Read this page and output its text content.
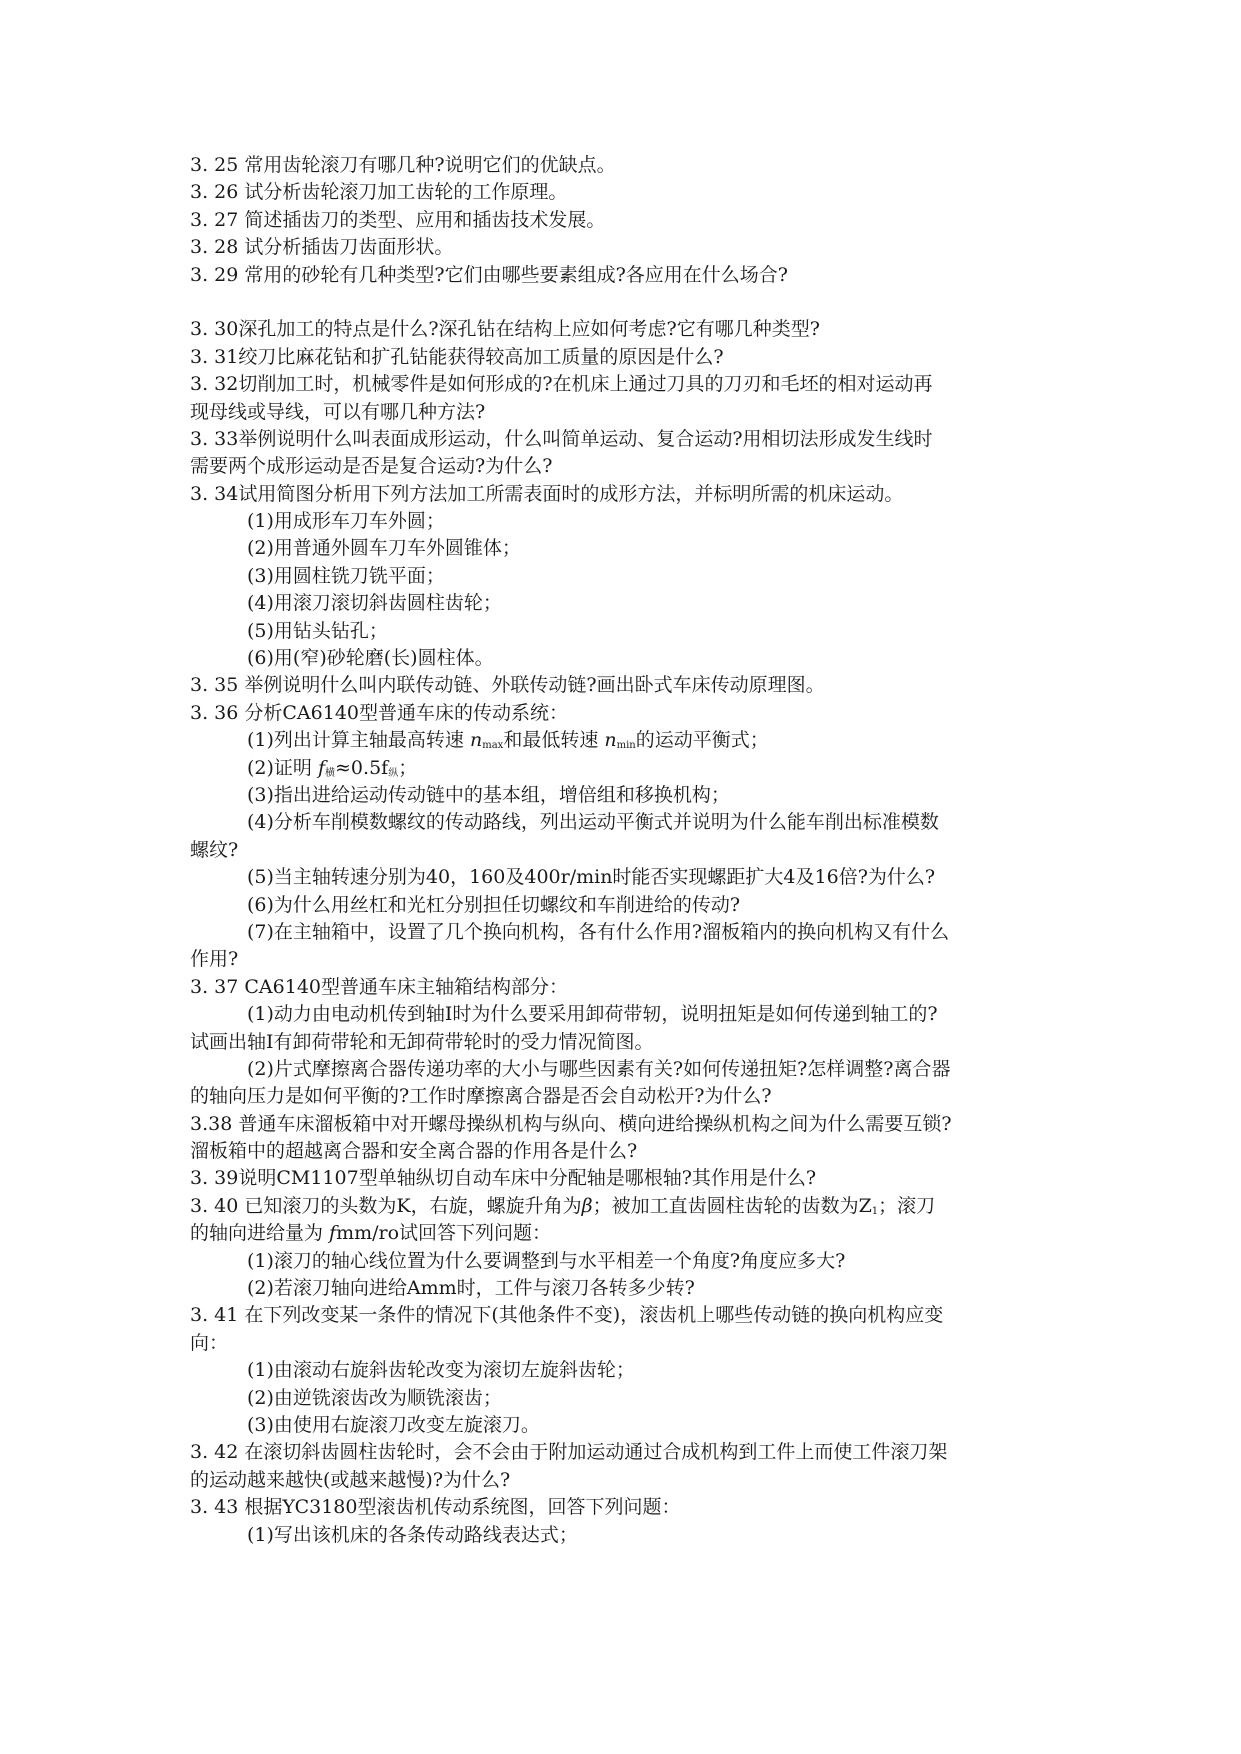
3. 25 常用齿轮滚刀有哪几种?说明它们的优缺点。
3. 26 试分析齿轮滚刀加工齿轮的工作原理。
3. 27 简述插齿刀的类型、应用和插齿技术发展。
3. 28 试分析插齿刀齿面形状。
3. 29 常用的砂轮有几种类型?它们由哪些要素组成?各应用在什么场合?
3. 30深孔加工的特点是什么?深孔钻在结构上应如何考虑?它有哪几种类型?
3. 31绞刀比麻花钻和扩孔钻能获得较高加工质量的原因是什么?
3. 32切削加工时，机械零件是如何形成的?在机床上通过刀具的刀刃和毛坯的相对运动再
现母线或导线，可以有哪几种方法?
3. 33举例说明什么叫表面成形运动，什么叫简单运动、复合运动?用相切法形成发生线时
需要两个成形运动是否是复合运动?为什么?
3. 34试用简图分析用下列方法加工所需表面时的成形方法，并标明所需的机床运动。
(1)用成形车刀车外圆；
(2)用普通外圆车刀车外圆锥体；
(3)用圆柱铣刀铣平面；
(4)用滚刀滚切斜齿圆柱齿轮；
(5)用钻头钻孔；
(6)用(窄)砂轮磨(长)圆柱体。
3. 35 举例说明什么叫内联传动链、外联传动链?画出卧式车床传动原理图。
3. 36 分析CA6140型普通车床的传动系统：
(1)列出计算主轴最高转速 $n_{max}$和最低转速 $n_{min}$的运动平衡式；
(2)证明 $f_横\approx 0.5f_纵$；
(3)指出进给运动传动链中的基本组，增倍组和移换机构；
(4)分析车削模数螺纹的传动路线，列出运动平衡式并说明为什么能车削出标准模数
螺纹?
(5)当主轴转速分别为40，160及400r/min时能否实现螺距扩大4及16倍?为什么?
(6)为什么用丝杠和光杠分别担任切螺纹和车削进给的传动?
(7)在主轴箱中，设置了几个换向机构，各有什么作用?溜板箱内的换向机构又有什么
作用?
3. 37 CA6140型普通车床主轴箱结构部分：
(1)动力由电动机传到轴Ⅰ时为什么要采用卸荷带轫，说明扭矩是如何传递到轴工的?
试画出轴Ⅰ有卸荷带轮和无卸荷带轮时的受力情况简图。
(2)片式摩擦离合器传递功率的大小与哪些因素有关?如何传递扭矩?怎样调整?离合器
的轴向压力是如何平衡的?工作时摩擦离合器是否会自动松开?为什么?
3.38 普通车床溜板箱中对开螺母操纵机构与纵向、横向进给操纵机构之间为什么需要互锁?
溜板箱中的超越离合器和安全离合器的作用各是什么?
3. 39说明CM1107型单轴纵切自动车床中分配轴是哪根轴?其作用是什么?
3. 40 已知滚刀的头数为K，右旋，螺旋升角为β；被加工直齿圆柱齿轮的齿数为$Z_1$；滚刀
的轴向进给量为 fmm/ro试回答下列问题：
(1)滚刀的轴心线位置为什么要调整到与水平相差一个角度?角度应多大?
(2)若滚刀轴向进给Amm时，工件与滚刀各转多少转?
3. 41 在下列改变某一条件的情况下(其他条件不变)，滚齿机上哪些传动链的换向机构应变
向：
(1)由滚动右旋斜齿轮改变为滚切左旋斜齿轮；
(2)由逆铣滚齿改为顺铣滚齿；
(3)由使用右旋滚刀改变左旋滚刀。
3. 42 在滚切斜齿圆柱齿轮时，会不会由于附加运动通过合成机构到工件上而使工件滚刀架
的运动越来越快(或越来越慢)?为什么?
3. 43 根据YC3180型滚齿机传动系统图，回答下列问题：
(1)写出该机床的各条传动路线表达式；
